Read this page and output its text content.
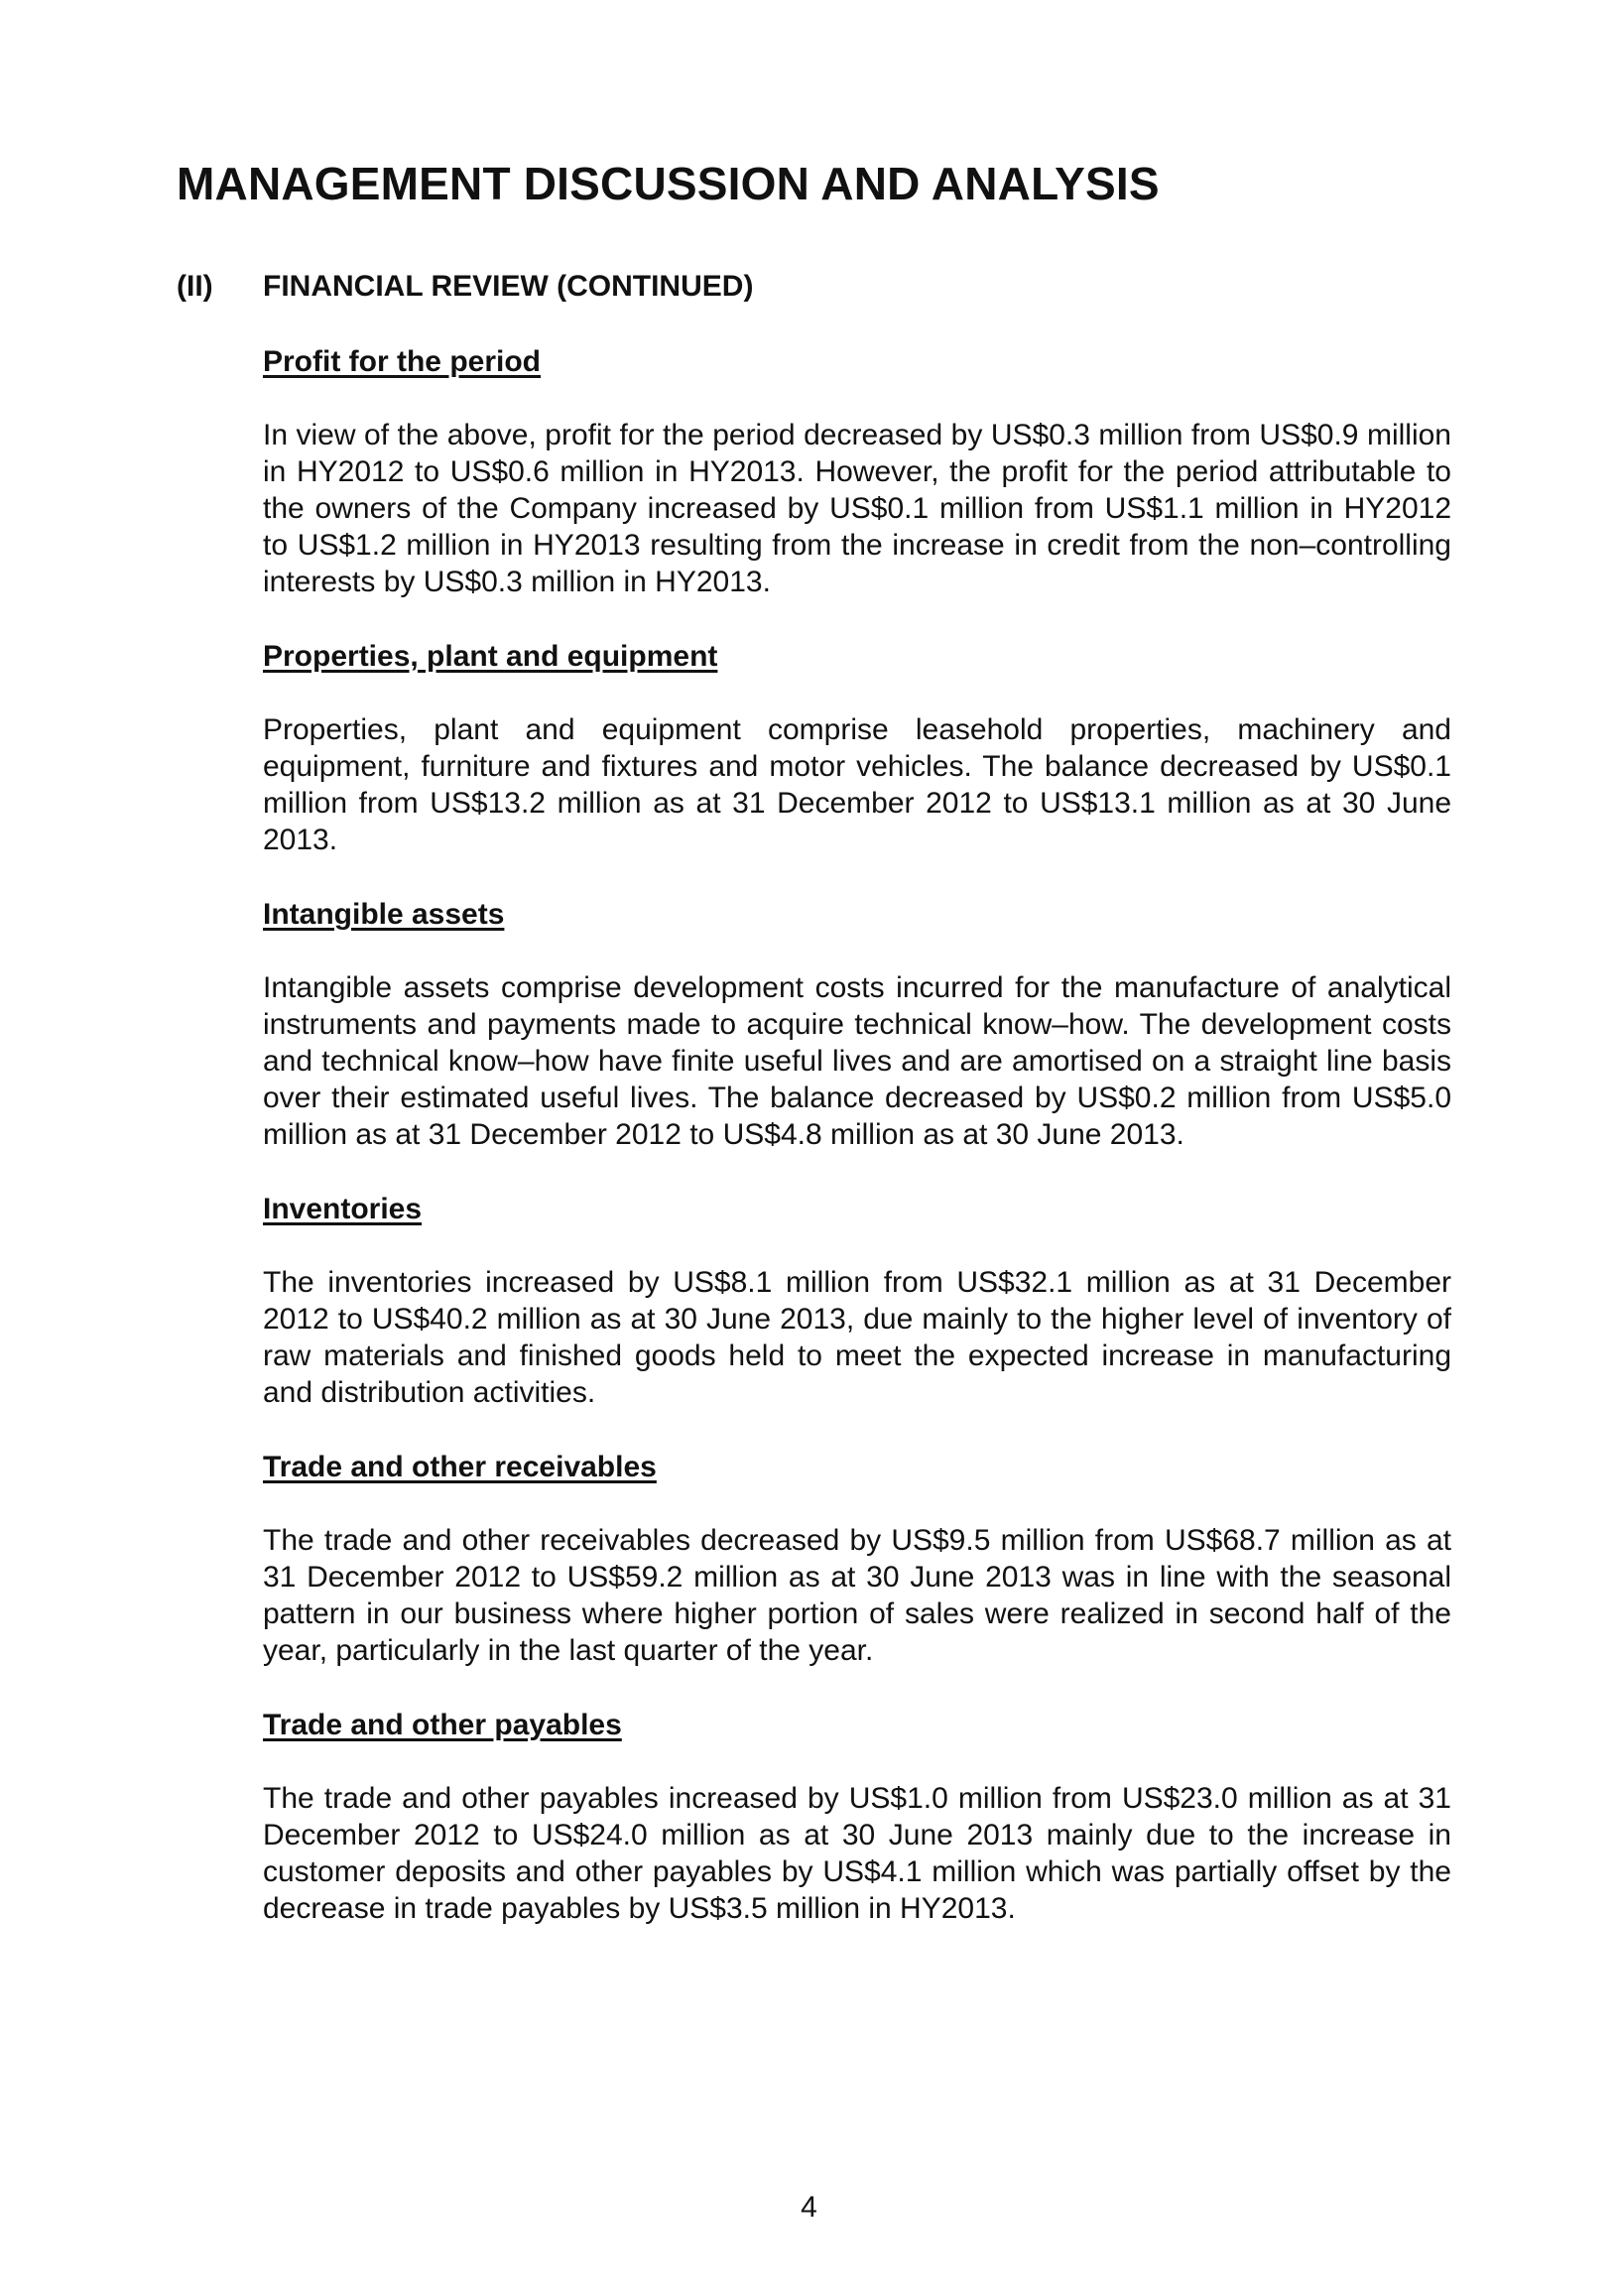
MANAGEMENT DISCUSSION AND ANALYSIS
(II) FINANCIAL REVIEW (CONTINUED)
Profit for the period

In view of the above, profit for the period decreased by US$0.3 million from US$0.9 million in HY2012 to US$0.6 million in HY2013. However, the profit for the period attributable to the owners of the Company increased by US$0.1 million from US$1.1 million in HY2012 to US$1.2 million in HY2013 resulting from the increase in credit from the non–controlling interests by US$0.3 million in HY2013.

Properties, plant and equipment

Properties, plant and equipment comprise leasehold properties, machinery and equipment, furniture and fixtures and motor vehicles. The balance decreased by US$0.1 million from US$13.2 million as at 31 December 2012 to US$13.1 million as at 30 June 2013.

Intangible assets

Intangible assets comprise development costs incurred for the manufacture of analytical instruments and payments made to acquire technical know–how. The development costs and technical know–how have finite useful lives and are amortised on a straight line basis over their estimated useful lives. The balance decreased by US$0.2 million from US$5.0 million as at 31 December 2012 to US$4.8 million as at 30 June 2013.

Inventories

The inventories increased by US$8.1 million from US$32.1 million as at 31 December 2012 to US$40.2 million as at 30 June 2013, due mainly to the higher level of inventory of raw materials and finished goods held to meet the expected increase in manufacturing and distribution activities.

Trade and other receivables

The trade and other receivables decreased by US$9.5 million from US$68.7 million as at 31 December 2012 to US$59.2 million as at 30 June 2013 was in line with the seasonal pattern in our business where higher portion of sales were realized in second half of the year, particularly in the last quarter of the year.

Trade and other payables

The trade and other payables increased by US$1.0 million from US$23.0 million as at 31 December 2012 to US$24.0 million as at 30 June 2013 mainly due to the increase in customer deposits and other payables by US$4.1 million which was partially offset by the decrease in trade payables by US$3.5 million in HY2013.

4
